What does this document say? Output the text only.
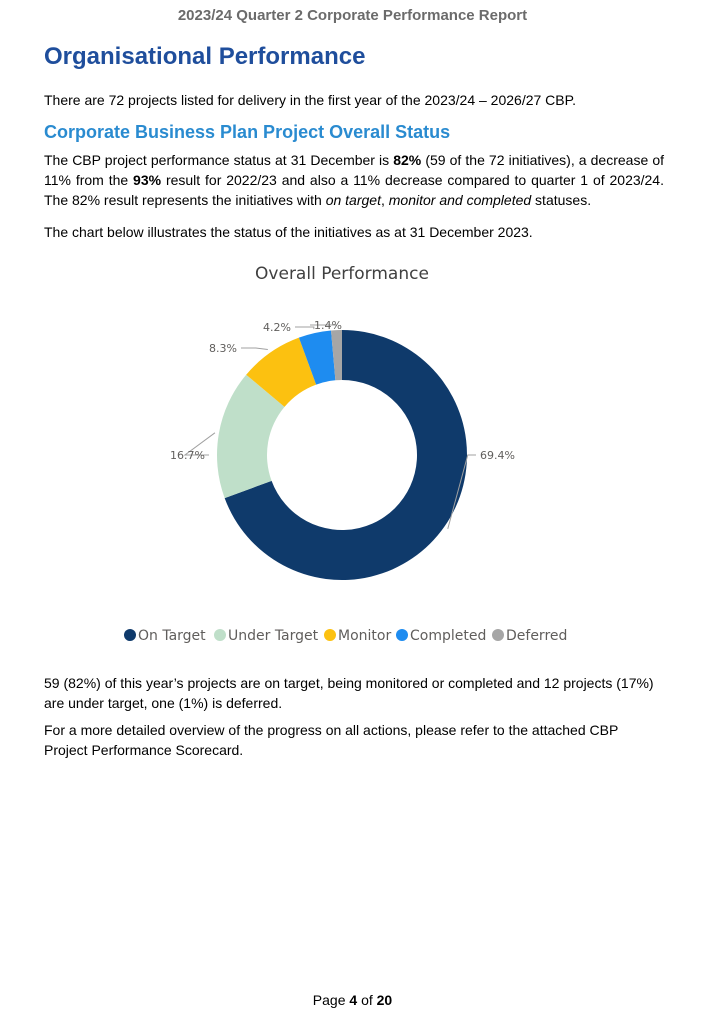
2023/24 Quarter 2 Corporate Performance Report
Organisational Performance

There are 72 projects listed for delivery in the first year of the 2023/24 – 2026/27 CBP.

Corporate Business Plan Project Overall Status

The CBP project performance status at 31 December is 82% (59 of the 72 initiatives), a decrease of 11% from the 93% result for 2022/23 and also a 11% decrease compared to quarter 1 of 2023/24. The 82% result represents the initiatives with on target, monitor and completed statuses.

The chart below illustrates the status of the initiatives as at 31 December 2023.

Overall Performance
69.4%
16.7%
8.3%
4.2% 1.4%
On Target Under Target Monitor Completed Deferred

59 (82%) of this year’s projects are on target, being monitored or completed and 12 projects (17%) are under target, one (1%) is deferred.

For a more detailed overview of the progress on all actions, please refer to the attached CBP Project Performance Scorecard.

Page 4 of 20
